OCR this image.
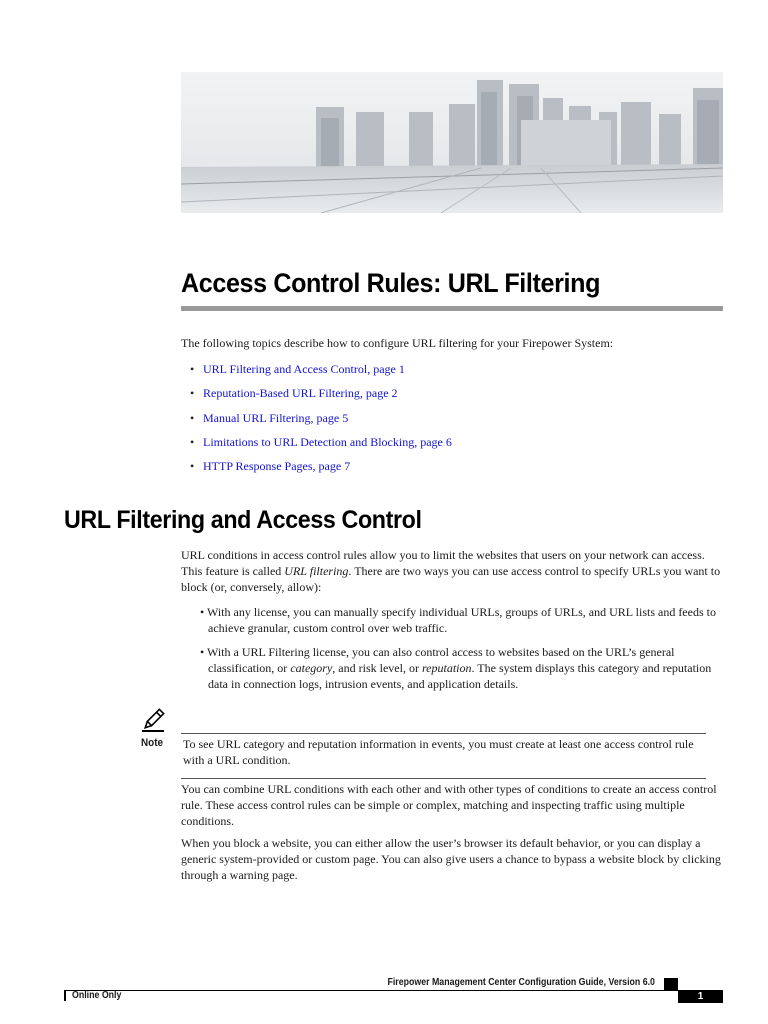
Access Control Rules: URL Filtering

The following topics describe how to configure URL filtering for your Firepower System:

• URL Filtering and Access Control, page 1
• Reputation-Based URL Filtering, page 2
• Manual URL Filtering, page 5
• Limitations to URL Detection and Blocking, page 6
• HTTP Response Pages, page 7
URL Filtering and Access Control

URL conditions in access control rules allow you to limit the websites that users on your network can access. This feature is called URL filtering. There are two ways you can use access control to specify URLs you want to block (or, conversely, allow):

• With any license, you can manually specify individual URLs, groups of URLs, and URL lists and feeds to achieve granular, custom control over web traffic.
• With a URL Filtering license, you can also control access to websites based on the URL’s general classification, or category, and risk level, or reputation. The system displays this category and reputation data in connection logs, intrusion events, and application details.
Note To see URL category and reputation information in events, you must create at least one access control rule with a URL condition.

You can combine URL conditions with each other and with other types of conditions to create an access control rule. These access control rules can be simple or complex, matching and inspecting traffic using multiple conditions.

When you block a website, you can either allow the user’s browser its default behavior, or you can display a generic system-provided or custom page. You can also give users a chance to bypass a website block by clicking through a warning page.

Firepower Management Center Configuration Guide, Version 6.0
Online Only	1
